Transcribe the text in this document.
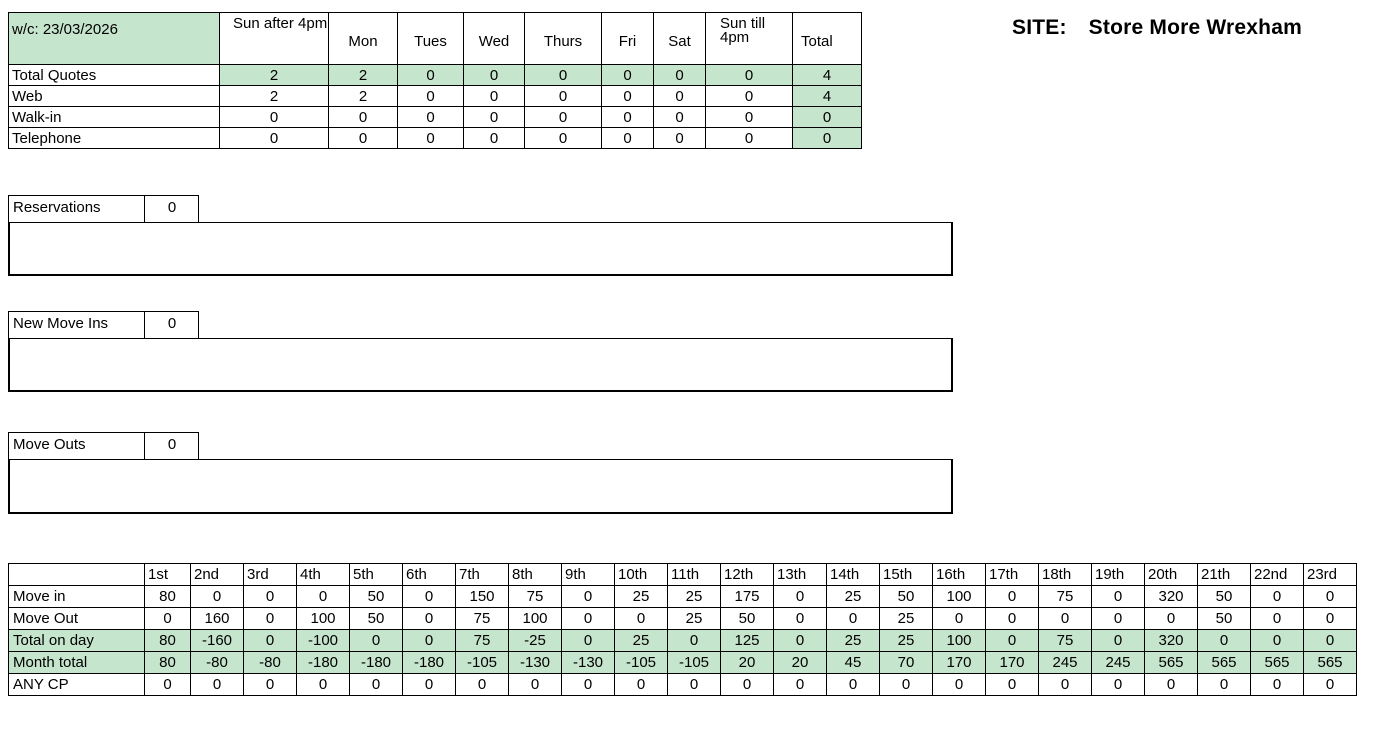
w/c: 23/03/2026	Sun after 4pm	Mon	Tues	Wed	Thurs	Fri	Sat	Sun till 4pm	Total
Total Quotes	2	2	0	0	0	0	0	0	4
Web	2	2	0	0	0	0	0	0	4
Walk-in	0	0	0	0	0	0	0	0	0
Telephone	0	0	0	0	0	0	0	0	0
SITE: Store More Wrexham
Reservations	0
New Move Ins	0
Move Outs	0
	1st	2nd	3rd	4th	5th	6th	7th	8th	9th	10th	11th	12th	13th	14th	15th	16th	17th	18th	19th	20th	21th	22nd	23rd
Move in	80	0	0	0	50	0	150	75	0	25	25	175	0	25	50	100	0	75	0	320	50	0	0
Move Out	0	160	0	100	50	0	75	100	0	0	25	50	0	0	25	0	0	0	0	0	50	0	0
Total on day	80	-160	0	-100	0	0	75	-25	0	25	0	125	0	25	25	100	0	75	0	320	0	0	0
Month total	80	-80	-80	-180	-180	-180	-105	-130	-130	-105	-105	20	20	45	70	170	170	245	245	565	565	565	565
ANY CP	0	0	0	0	0	0	0	0	0	0	0	0	0	0	0	0	0	0	0	0	0	0	0
